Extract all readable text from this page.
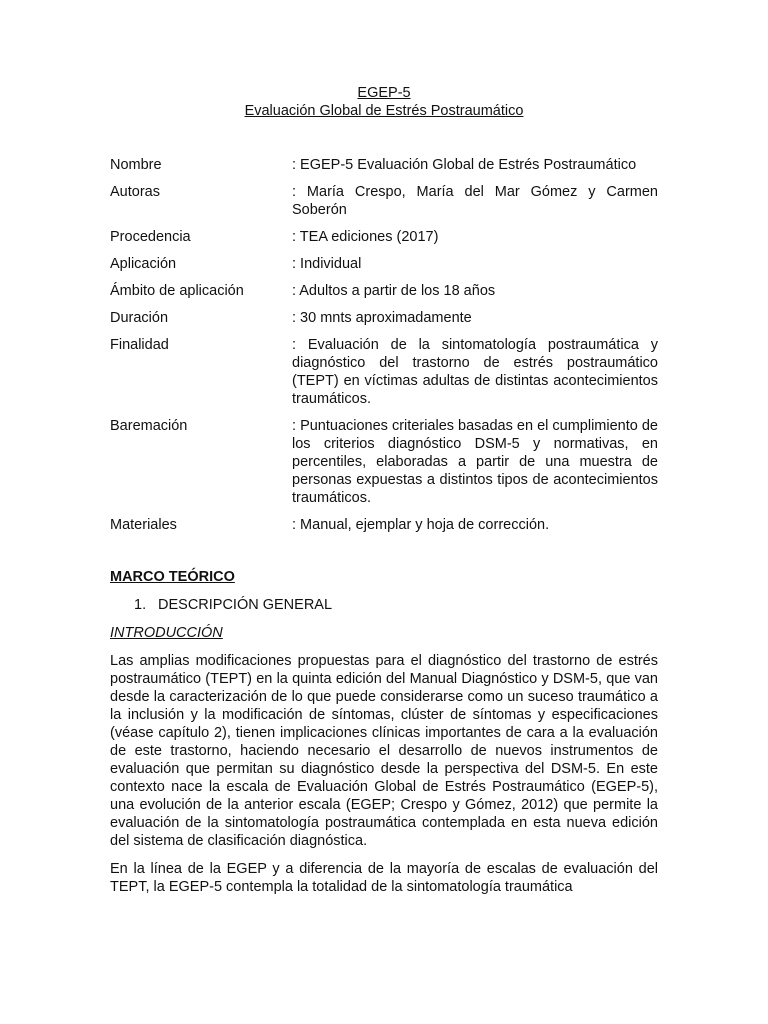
EGEP-5
Evaluación Global de Estrés Postraumático
Nombre	: EGEP-5 Evaluación Global de Estrés Postraumático
Autoras	: María Crespo, María del Mar Gómez y Carmen Soberón
Procedencia	: TEA ediciones (2017)
Aplicación	: Individual
Ámbito de aplicación	: Adultos a partir de los 18 años
Duración	: 30 mnts aproximadamente
Finalidad	: Evaluación de la sintomatología postraumática y diagnóstico del trastorno de estrés postraumático (TEPT) en víctimas adultas de distintas acontecimientos traumáticos.
Baremación	: Puntuaciones criteriales basadas en el cumplimiento de los criterios diagnóstico DSM-5 y normativas, en percentiles, elaboradas a partir de una muestra de personas expuestas a distintos tipos de acontecimientos traumáticos.
Materiales	: Manual, ejemplar y hoja de corrección.
MARCO TEÓRICO
1. DESCRIPCIÓN GENERAL
INTRODUCCIÓN
Las amplias modificaciones propuestas para el diagnóstico del trastorno de estrés postraumático (TEPT) en la quinta edición del Manual Diagnóstico y DSM-5, que van desde la caracterización de lo que puede considerarse como un suceso traumático a la inclusión y la modificación de síntomas, clúster de síntomas y especificaciones (véase capítulo 2), tienen implicaciones clínicas importantes de cara a la evaluación de este trastorno, haciendo necesario el desarrollo de nuevos instrumentos de evaluación que permitan su diagnóstico desde la perspectiva del DSM-5. En este contexto nace la escala de Evaluación Global de Estrés Postraumático (EGEP-5), una evolución de la anterior escala (EGEP; Crespo y Gómez, 2012) que permite la evaluación de la sintomatología postraumática contemplada en esta nueva edición del sistema de clasificación diagnóstica.
En la línea de la EGEP y a diferencia de la mayoría de escalas de evaluación del TEPT, la EGEP-5 contempla la totalidad de la sintomatología traumática
